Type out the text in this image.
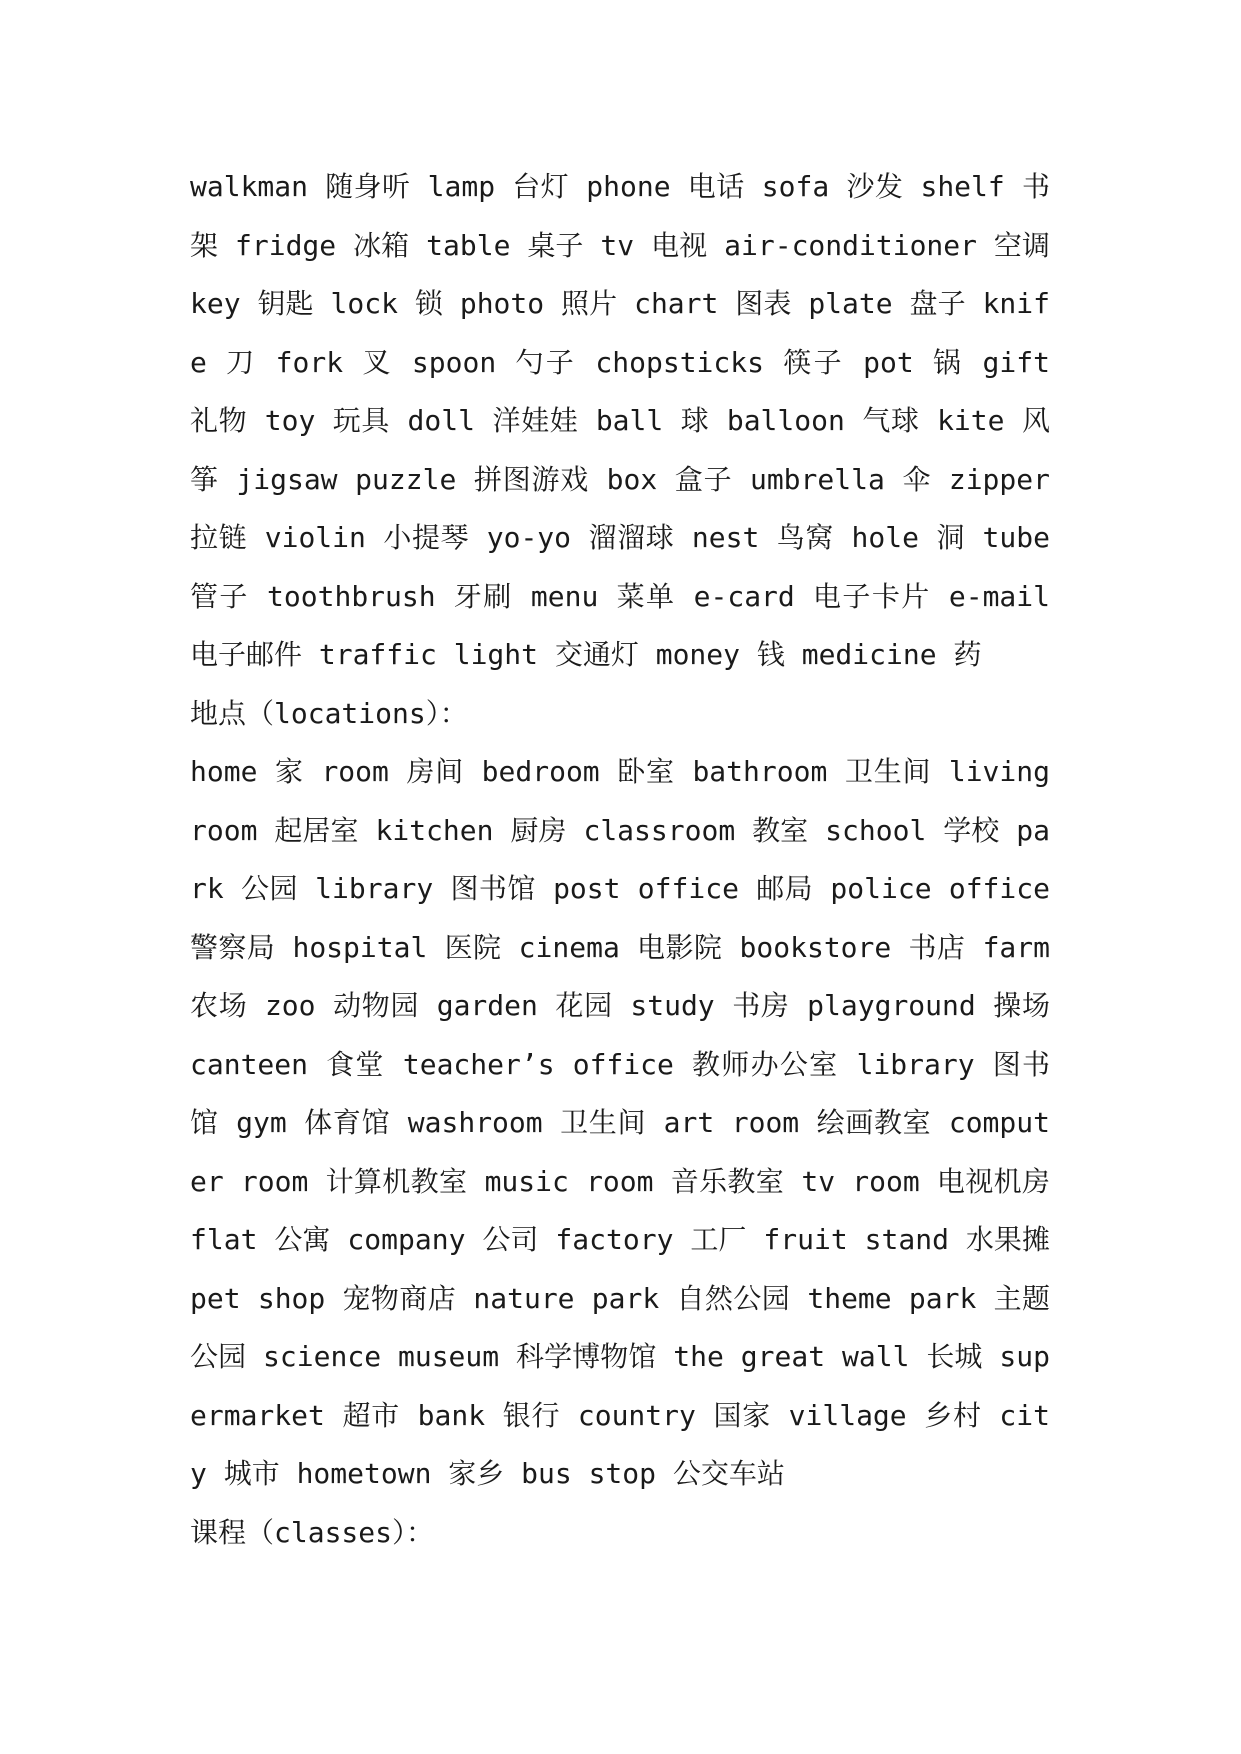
walkman 随身听 lamp 台灯 phone 电话 sofa 沙发 shelf 书架 fridge 冰箱 table 桌子 tv 电视 air-conditioner 空调 key 钥匙 lock 锁 photo 照片 chart 图表 plate 盘子 knife 刀 fork 叉 spoon 勺子 chopsticks 筷子 pot 锅 gift 礼物 toy 玩具 doll 洋娃娃 ball 球 balloon 气球 kite 风筝 jigsaw puzzle 拼图游戏 box 盒子 umbrella 伞 zipper 拉链 violin 小提琴 yo-yo 溜溜球 nest 鸟窝 hole 洞 tube 管子 toothbrush 牙刷 menu 菜单 e-card 电子卡片 e-mail 电子邮件 traffic light 交通灯 money 钱 medicine 药

地点（locations）：

home 家 room 房间 bedroom 卧室 bathroom 卫生间 living room 起居室 kitchen 厨房 classroom 教室 school 学校 park 公园 library 图书馆 post office 邮局 police office 警察局 hospital 医院 cinema 电影院 bookstore 书店 farm 农场 zoo 动物园 garden 花园 study 书房 playground 操场 canteen 食堂 teacher’s office 教师办公室 library 图书馆 gym 体育馆 washroom 卫生间 art room 绘画教室 computer room 计算机教室 music room 音乐教室 tv room 电视机房 flat 公寓 company 公司 factory 工厂 fruit stand 水果摊 pet shop 宠物商店 nature park 自然公园 theme park 主题公园 science museum 科学博物馆 the great wall 长城 supermarket 超市 bank 银行 country 国家 village 乡村 city 城市 hometown 家乡 bus stop 公交车站

课程（classes）：
